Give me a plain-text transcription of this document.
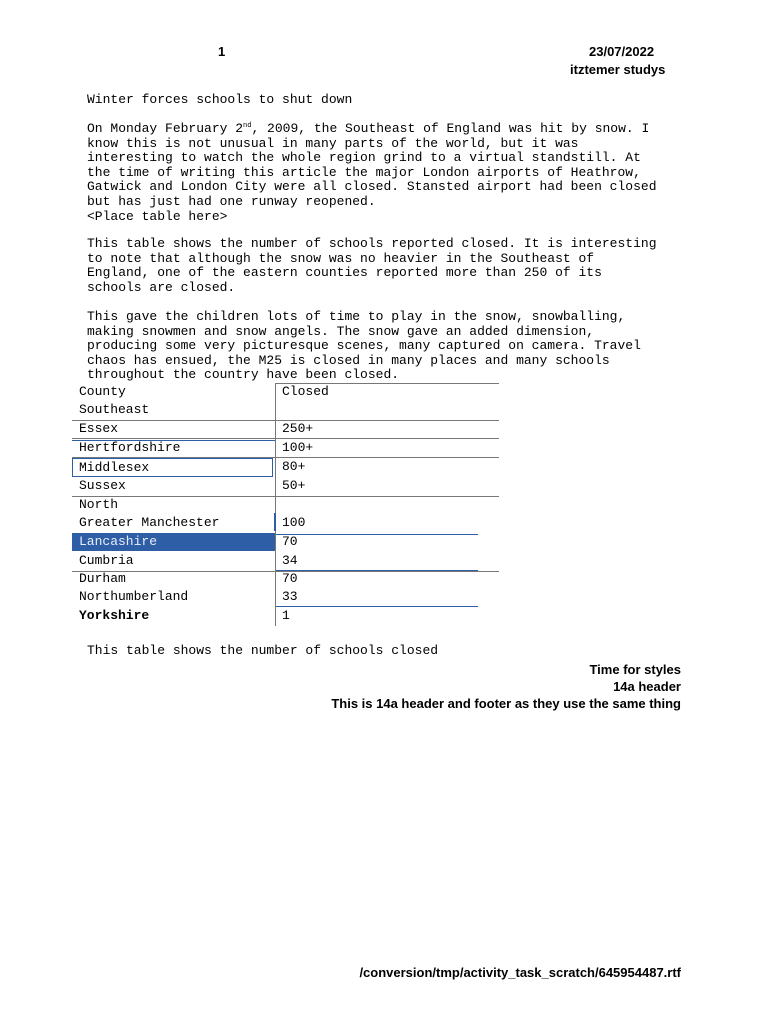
1	23/07/2022
itztemer studys
Winter forces schools to shut down
On Monday February 2nd, 2009, the Southeast of England was hit by snow. I
know this is not unusual in many parts of the world, but it was
interesting to watch the whole region grind to a virtual standstill. At
the time of writing this article the major London airports of Heathrow,
Gatwick and London City were all closed. Stansted airport had been closed
but has just had one runway reopened.
<Place table here>
This table shows the number of schools reported closed. It is interesting
to note that although the snow was no heavier in the Southeast of
England, one of the eastern counties reported more than 250 of its
schools are closed.
This gave the children lots of time to play in the snow, snowballing,
making snowmen and snow angels. The snow gave an added dimension,
producing some very picturesque scenes, many captured on camera. Travel
chaos has ensued, the M25 is closed in many places and many schools
throughout the country have been closed.
County	Closed
Southeast
Essex	250+
Hertfordshire	100+
Middlesex	80+
Sussex	50+
North
Greater Manchester	100
Lancashire	70
Cumbria	34
Durham	70
Northumberland	33
Yorkshire	1
This table shows the number of schools closed
Time for styles
14a header
This is 14a header and footer as they use the same thing
/conversion/tmp/activity_task_scratch/645954487.rtf
